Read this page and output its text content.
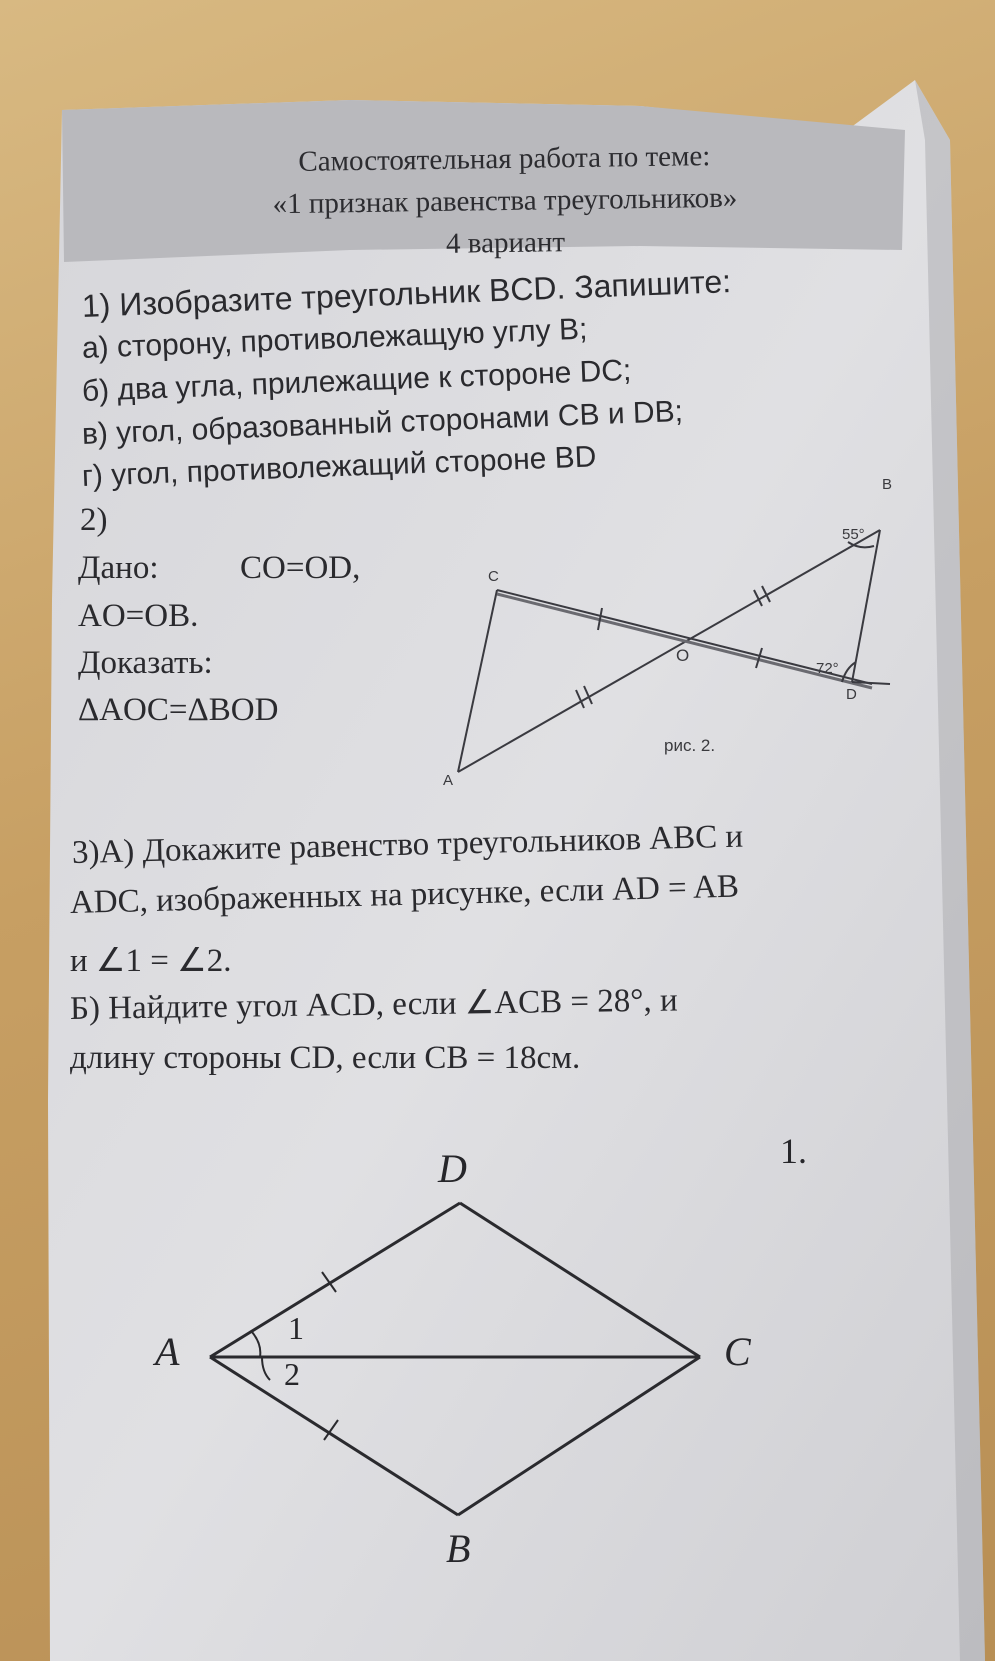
Самостоятельная работа по теме:
«1 признак равенства треугольников»
4 вариант
1) Изобразите треугольник BCD. Запишите:
а) сторону, противолежащую углу B;
б) два угла, прилежащие к стороне DC;
в) угол, образованный сторонами CB и DB;
г) угол, противолежащий стороне BD
2)
Дано: CO=OD,
AO=OB.
Доказать:
ΔAOC=ΔBOD
C
A
B
D
O
55°
72°
рис. 2.
3)А) Докажите равенство треугольников ABC и
ADC, изображенных на рисунке, если AD = AB
и ∠1 = ∠2.
Б) Найдите угол ACD, если ∠ACB = 28°, и
длину стороны CD, если CB = 18см.
1.
D
A	C
B
1
2
